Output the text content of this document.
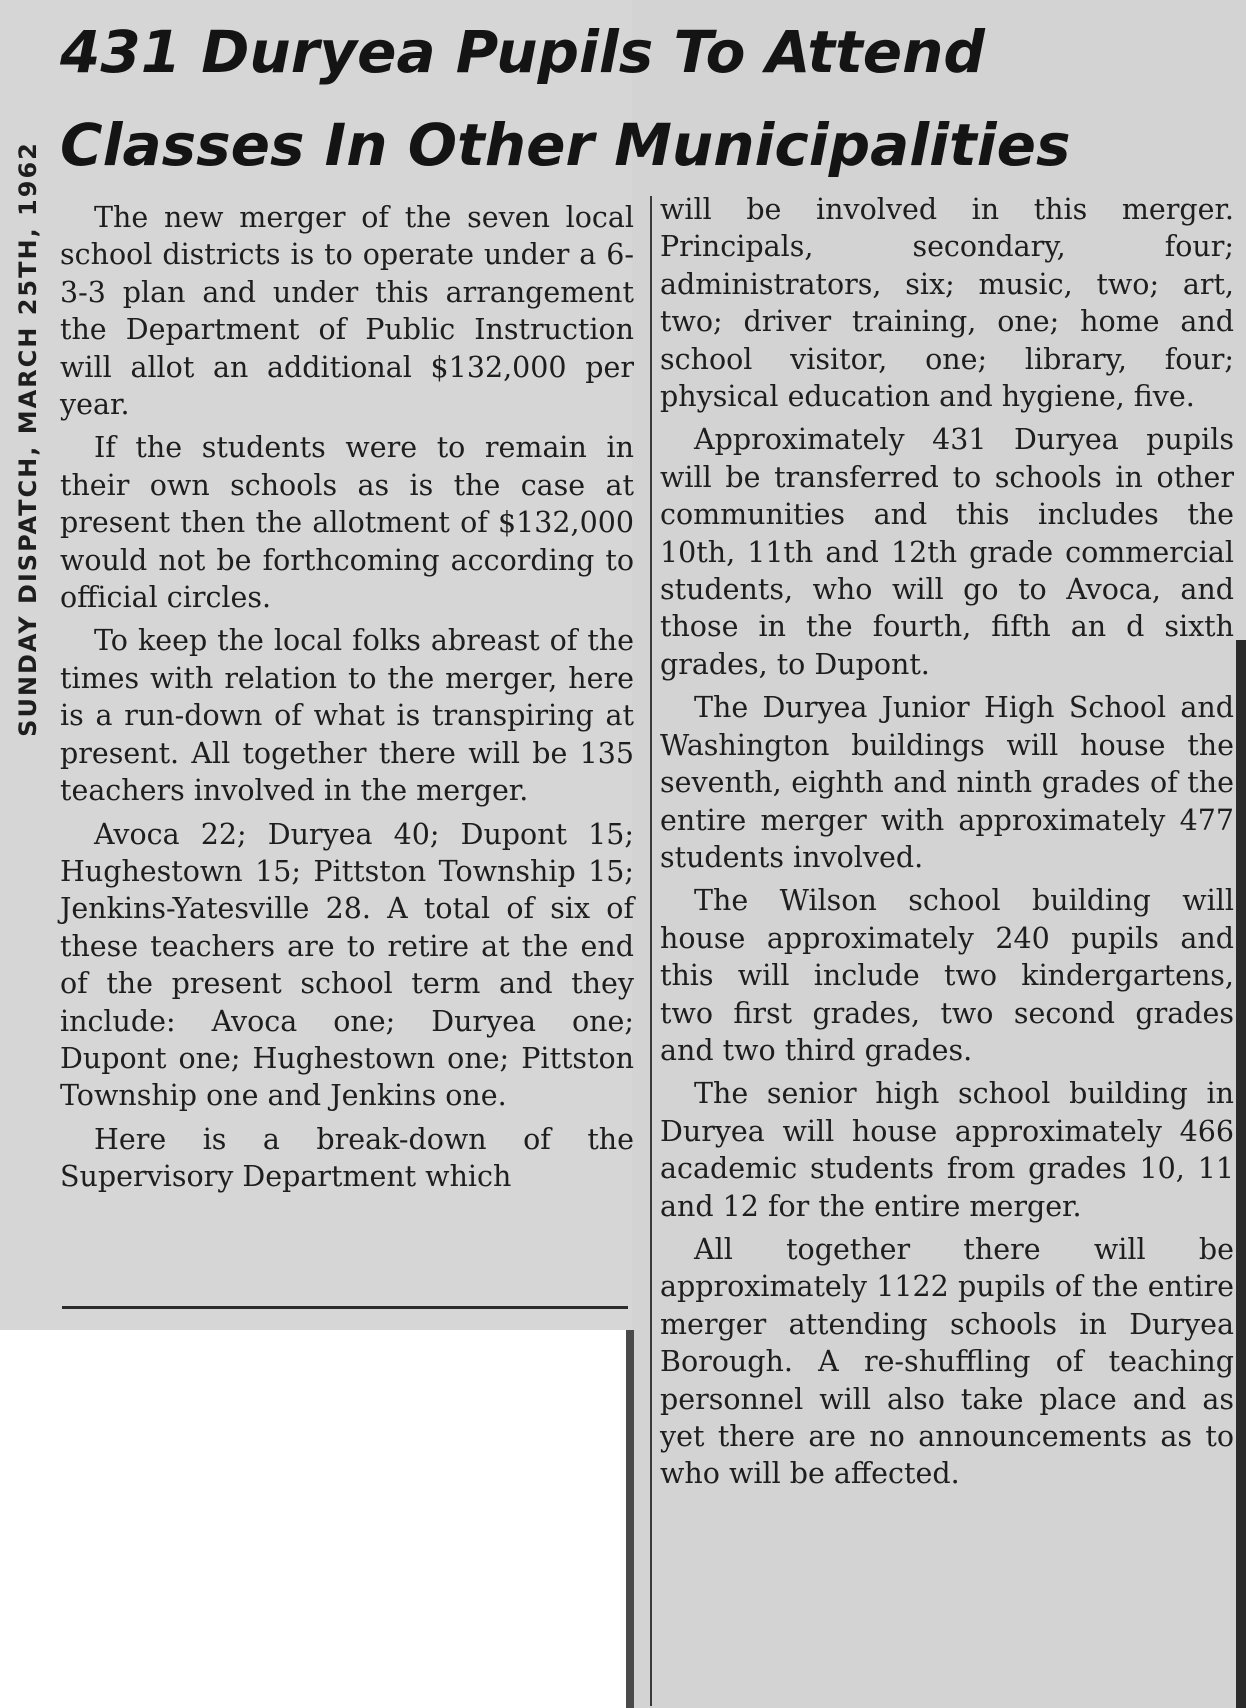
SUNDAY DISPATCH, MARCH 25TH, 1962
431 Duryea Pupils To Attend
Classes In Other Municipalities

The new merger of the seven local school districts is to operate under a 6-3-3 plan and under this arrangement the Department of Public Instruction will allot an additional $132,000 per year.

If the students were to remain in their own schools as is the case at present then the allotment of $132,000 would not be forthcoming according to official circles.

To keep the local folks abreast of the times with relation to the merger, here is a run-down of what is transpiring at present. All together there will be 135 teachers involved in the merger.

Avoca 22; Duryea 40; Dupont 15; Hughestown 15; Pittston Township 15; Jenkins-Yatesville 28. A total of six of these teachers are to retire at the end of the present school term and they include: Avoca one; Duryea one; Dupont one; Hughestown one; Pittston Township one and Jenkins one.

Here is a break-down of the Supervisory Department which

will be involved in this merger. Principals, secondary, four; administrators, six; music, two; art, two; driver training, one; home and school visitor, one; library, four; physical education and hygiene, five.

Approximately 431 Duryea pupils will be transferred to schools in other communities and this includes the 10th, 11th and 12th grade commercial students, who will go to Avoca, and those in the fourth, fifth an d sixth grades, to Dupont.

The Duryea Junior High School and Washington buildings will house the seventh, eighth and ninth grades of the entire merger with approximately 477 students involved.

The Wilson school building will house approximately 240 pupils and this will include two kindergartens, two first grades, two second grades and two third grades.

The senior high school building in Duryea will house approximately 466 academic students from grades 10, 11 and 12 for the entire merger.

All together there will be approximately 1122 pupils of the entire merger attending schools in Duryea Borough. A re-shuffling of teaching personnel will also take place and as yet there are no announcements as to who will be affected.
